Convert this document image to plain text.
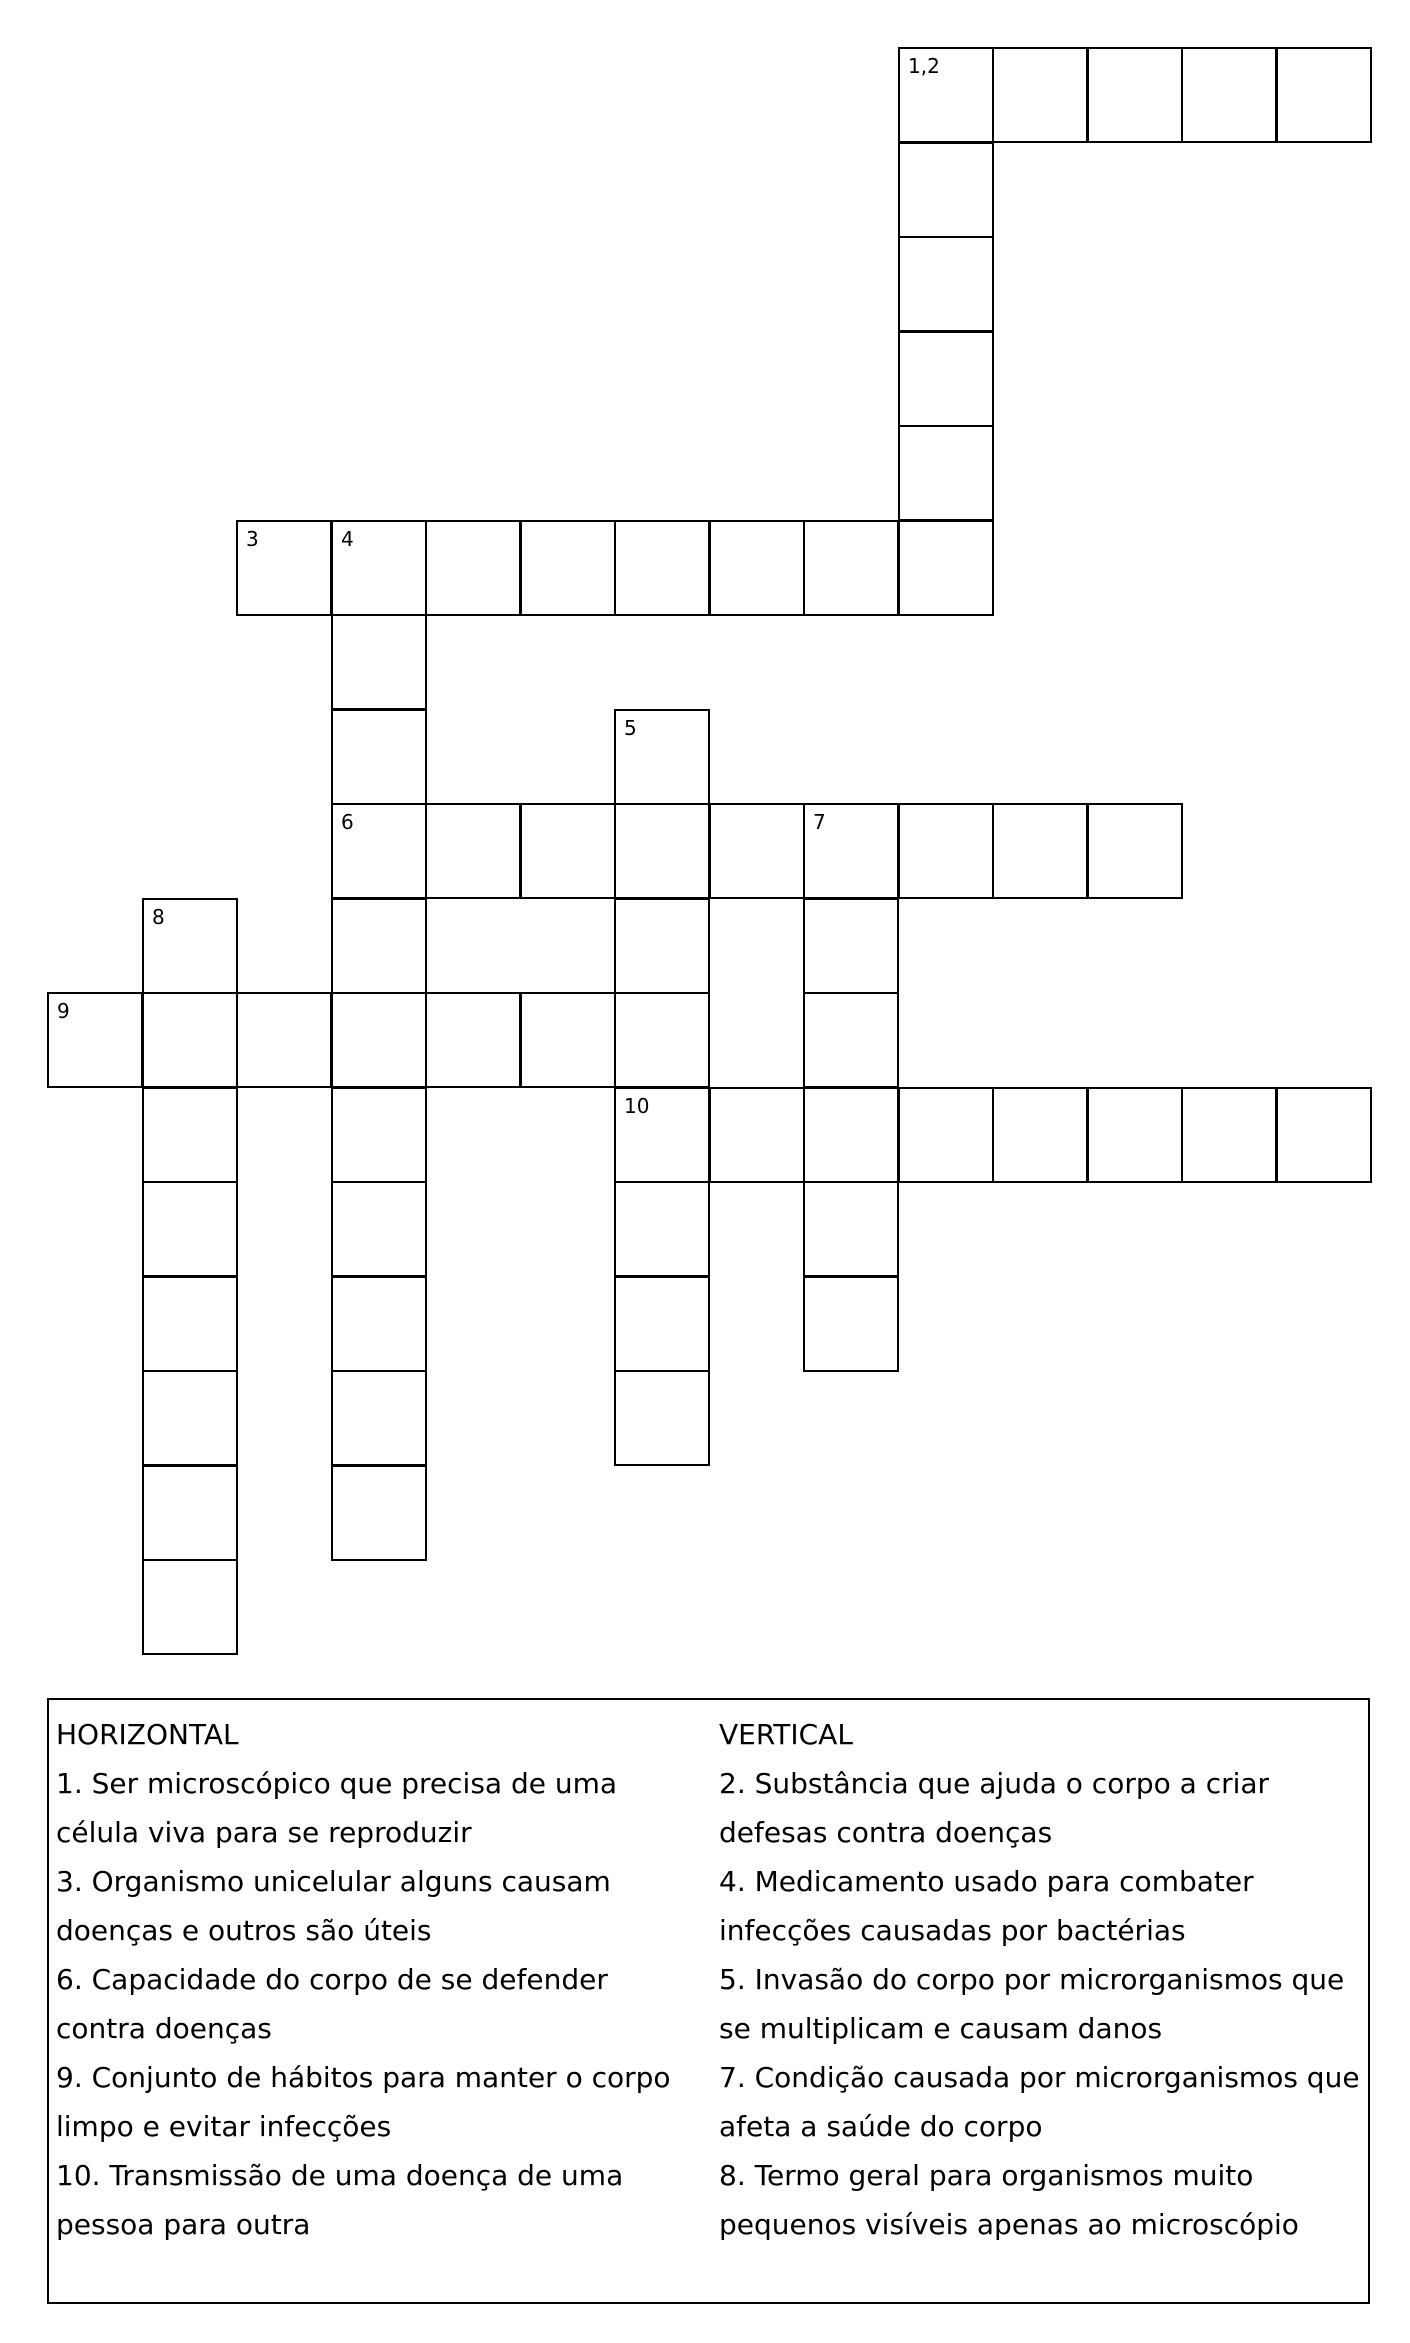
1,2
3	4
5
6	7
8
9
10
HORIZONTAL
1. Ser microscópico que precisa de uma célula viva para se reproduzir
3. Organismo unicelular alguns causam doenças e outros são úteis
6. Capacidade do corpo de se defender contra doenças
9. Conjunto de hábitos para manter o corpo limpo e evitar infecções
10. Transmissão de uma doença de uma pessoa para outra
VERTICAL
2. Substância que ajuda o corpo a criar defesas contra doenças
4. Medicamento usado para combater infecções causadas por bactérias
5. Invasão do corpo por microrganismos que se multiplicam e causam danos
7. Condição causada por microrganismos que afeta a saúde do corpo
8. Termo geral para organismos muito pequenos visíveis apenas ao microscópio
